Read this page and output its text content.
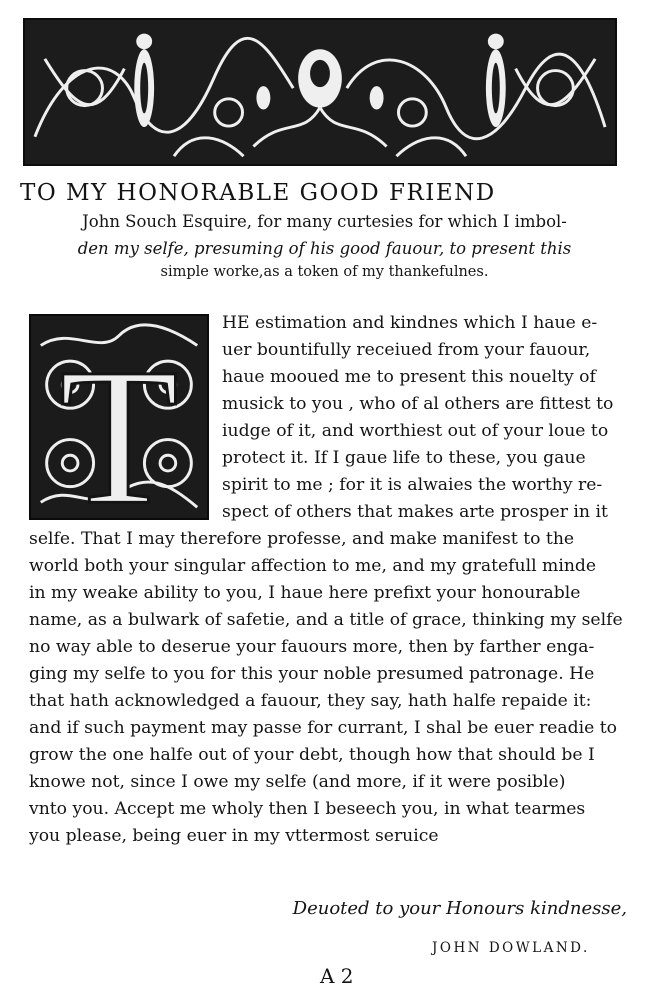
TO MY HONORABLE GOOD FRIEND

John Souch Esquire, for many curtesies for which I imbol-

den my selfe, presuming of his good fauour, to present this

simple worke,as a token of my thankefulnes.

T

HE estimation and kindnes which I haue e-

uer bountifully receiued from your fauour,

haue mooued me to present this nouelty of

musick to you , who of al others are fittest to

iudge of it, and worthiest out of your loue to

protect it. If I gaue life to these, you gaue

spirit to me ; for it is alwaies the worthy re-

spect of others that makes arte prosper in it

selfe. That I may therefore professe, and make manifest to the

world both your singular affection to me, and my gratefull minde

in my weake ability to you, I haue here prefixt your honourable

name, as a bulwark of safetie, and a title of grace, thinking my selfe

no way able to deserue your fauours more, then by farther enga-

ging my selfe to you for this your noble presumed patronage. He

that hath acknowledged a fauour, they say, hath halfe repaide it:

and if such payment may passe for currant, I shal be euer readie to

grow the one halfe out of your debt, though how that should be I

knowe not, since I owe my selfe (and more, if it were posible)

vnto you. Accept me wholy then I beseech you, in what tearmes

you please, being euer in my vttermost seruice

Deuoted to your Honours kindnesse,

JOHN DOWLAND.

A 2
